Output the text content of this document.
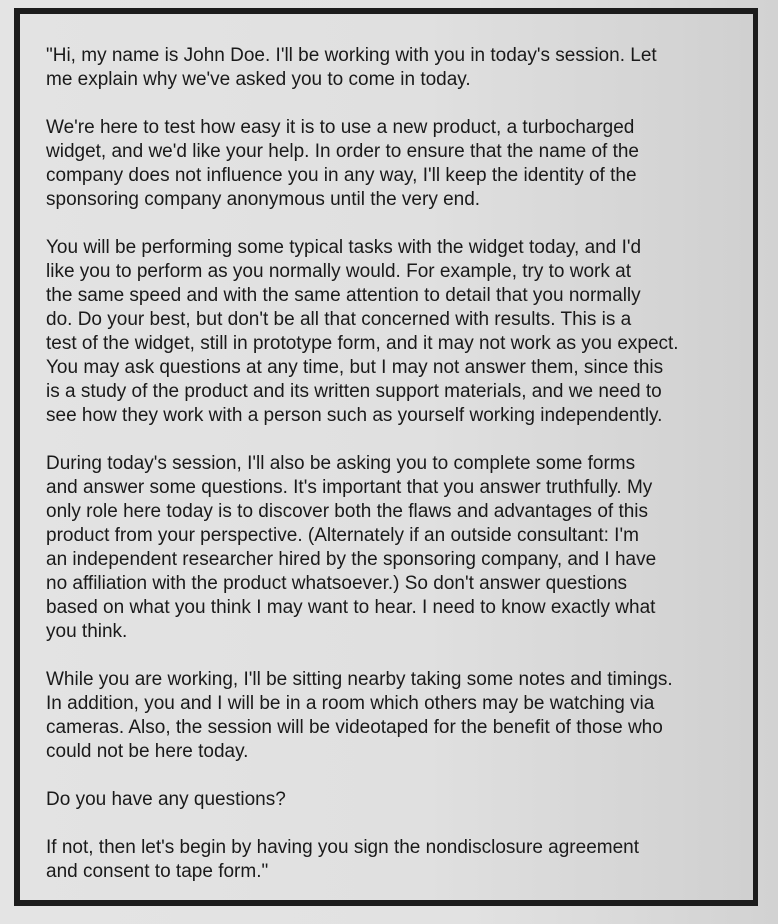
"Hi, my name is John Doe. I'll be working with you in today's session. Let
me explain why we've asked you to come in today.

We're here to test how easy it is to use a new product, a turbocharged
widget, and we'd like your help. In order to ensure that the name of the
company does not influence you in any way, I'll keep the identity of the
sponsoring company anonymous until the very end.

You will be performing some typical tasks with the widget today, and I'd
like you to perform as you normally would. For example, try to work at
the same speed and with the same attention to detail that you normally
do. Do your best, but don't be all that concerned with results. This is a
test of the widget, still in prototype form, and it may not work as you expect.
You may ask questions at any time, but I may not answer them, since this
is a study of the product and its written support materials, and we need to
see how they work with a person such as yourself working independently.

During today's session, I'll also be asking you to complete some forms
and answer some questions. It's important that you answer truthfully. My
only role here today is to discover both the flaws and advantages of this
product from your perspective. (Alternately if an outside consultant: I'm
an independent researcher hired by the sponsoring company, and I have
no affiliation with the product whatsoever.) So don't answer questions
based on what you think I may want to hear. I need to know exactly what
you think.

While you are working, I'll be sitting nearby taking some notes and timings.
In addition, you and I will be in a room which others may be watching via
cameras. Also, the session will be videotaped for the benefit of those who
could not be here today.

Do you have any questions?

If not, then let's begin by having you sign the nondisclosure agreement
and consent to tape form."
